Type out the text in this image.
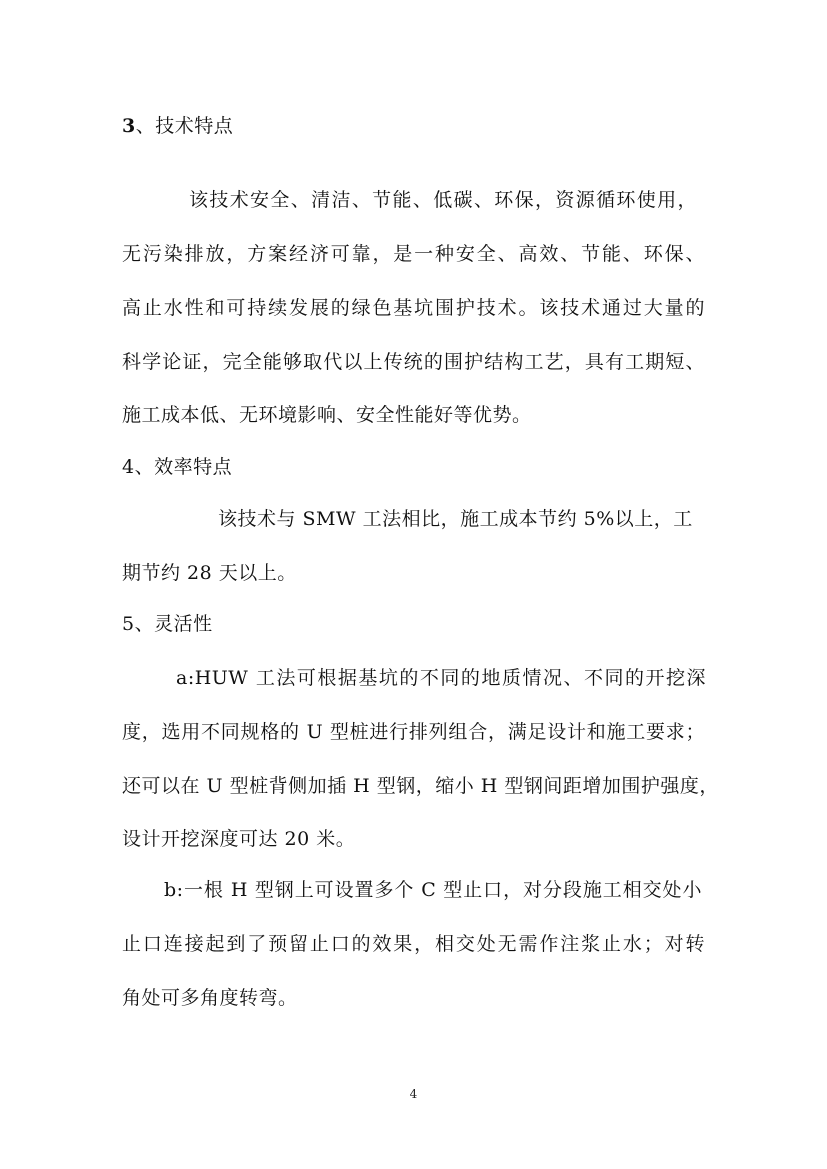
3、技术特点
该技术安全、清洁、节能、低碳、环保，资源循环使用，
无污染排放，方案经济可靠，是一种安全、高效、节能、环保、
高止水性和可持续发展的绿色基坑围护技术。该技术通过大量的
科学论证，完全能够取代以上传统的围护结构工艺，具有工期短、
施工成本低、无环境影响、安全性能好等优势。
4、效率特点
该技术与 SMW 工法相比，施工成本节约 5%以上，工
期节约 28 天以上。
5、灵活性
a:HUW 工法可根据基坑的不同的地质情况、不同的开挖深
度，选用不同规格的 U 型桩进行排列组合，满足设计和施工要求；
还可以在 U 型桩背侧加插 H 型钢，缩小 H 型钢间距增加围护强度，
设计开挖深度可达 20 米。
b:一根 H 型钢上可设置多个 C 型止口，对分段施工相交处小
止口连接起到了预留止口的效果，相交处无需作注浆止水；对转
角处可多角度转弯。
4
